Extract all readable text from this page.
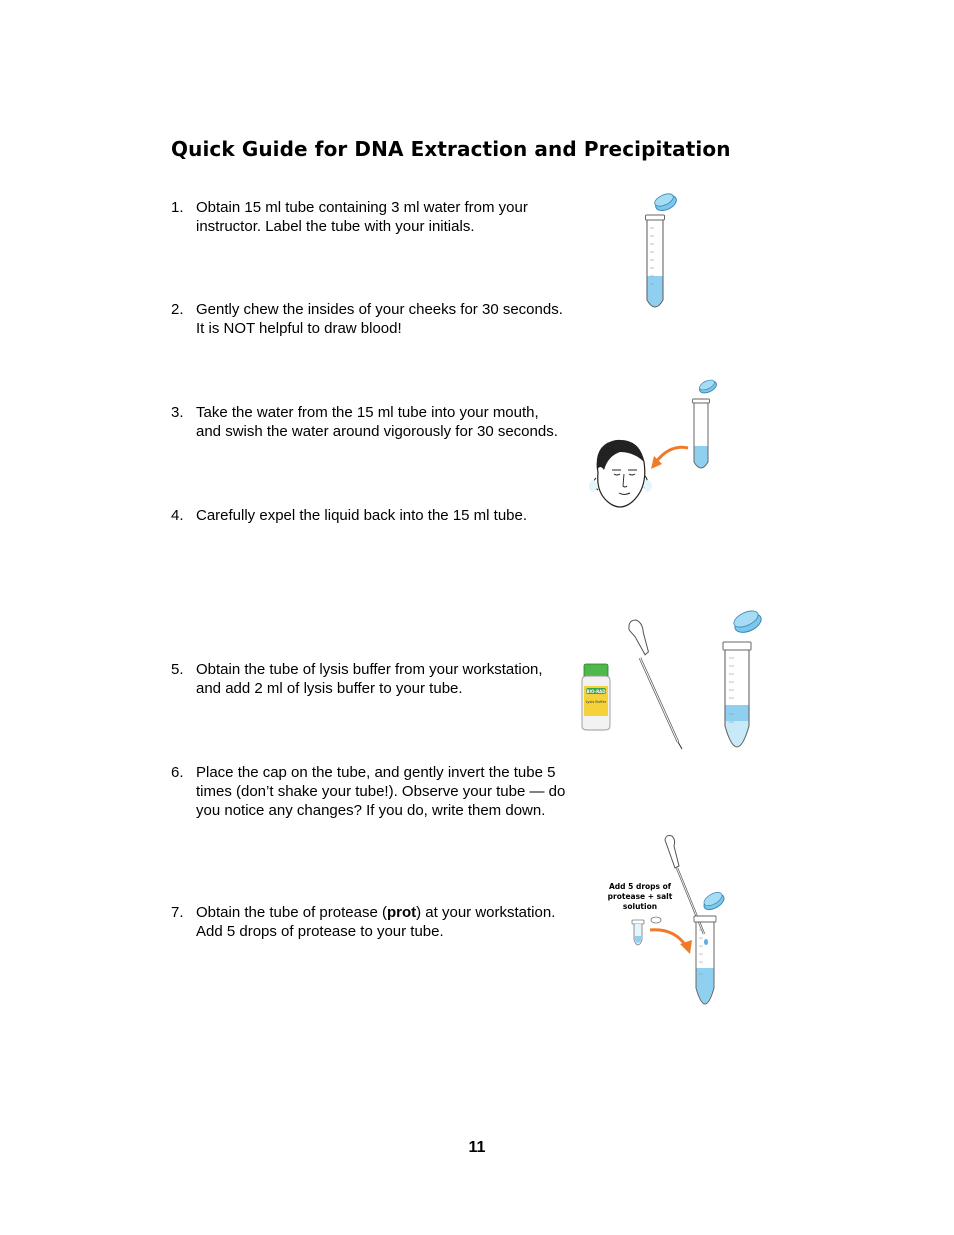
Quick Guide for DNA Extraction and Precipitation
1. Obtain 15 ml tube containing 3 ml water from your instructor. Label the tube with your initials.
2. Gently chew the insides of your cheeks for 30 seconds. It is NOT helpful to draw blood!
3. Take the water from the 15 ml tube into your mouth, and swish the water around vigorously for 30 seconds.
4. Carefully expel the liquid back into the 15 ml tube.
5. Obtain the tube of lysis buffer from your workstation, and add 2 ml of lysis buffer to your tube.
6. Place the cap on the tube, and gently invert the tube 5 times (don’t shake your tube!). Observe your tube — do you notice any changes? If you do, write them down.
7. Obtain the tube of protease (prot) at your workstation. Add 5 drops of protease to your tube.
BIO-RAD
Lysis Buffer
Add 5 drops of
protease + salt
solution
11
